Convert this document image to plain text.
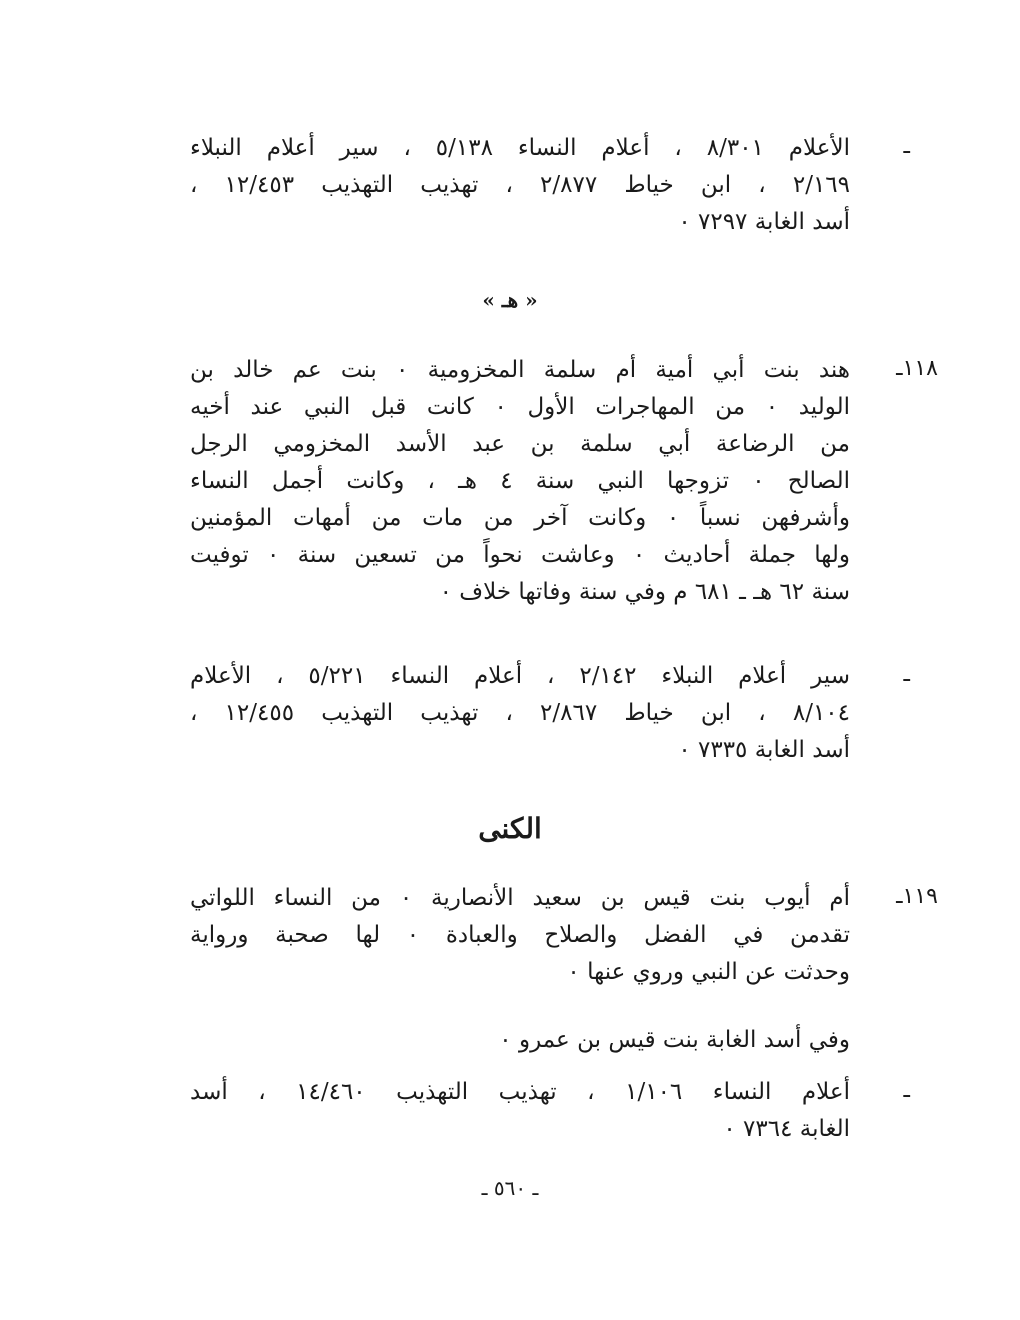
ـ
الأعلام ٨/٣٠١ ، أعلام النساء ٥/١٣٨ ، سير أعلام النبلاء
٢/١٦٩ ، ابن خياط ٢/٨٧٧ ، تهذيب التهذيب ١٢/٤٥٣ ،
أسد الغابة ٧٢٩٧ ٠
« هـ »
١١٨ـ
هند بنت أبي أمية أم سلمة المخزومية ٠ بنت عم خالد بن
الوليد ٠ من المهاجرات الأول ٠ كانت قبل النبي عند أخيه
من الرضاعة أبي سلمة بن عبد الأسد المخزومي الرجل
الصالح ٠ تزوجها النبي سنة ٤ هـ ، وكانت أجمل النساء
وأشرفهن نسباً ٠ وكانت آخر من مات من أمهات المؤمنين
ولها جملة أحاديث ٠ وعاشت نحواً من تسعين سنة ٠ توفيت
سنة ٦٢ هـ ـ ٦٨١ م وفي سنة وفاتها خلاف ٠
ـ
سير أعلام النبلاء ٢/١٤٢ ، أعلام النساء ٥/٢٢١ ، الأعلام
٨/١٠٤ ، ابن خياط ٢/٨٦٧ ، تهذيب التهذيب ١٢/٤٥٥ ،
أسد الغابة ٧٣٣٥ ٠
الكنى
١١٩ـ
أم أيوب بنت قيس بن سعيد الأنصارية ٠ من النساء اللواتي
تقدمن في الفضل والصلاح والعبادة ٠ لها صحبة ورواية
وحدثت عن النبي وروي عنها ٠
وفي أسد الغابة بنت قيس بن عمرو ٠
ـ
أعلام النساء ١/١٠٦ ، تهذيب التهذيب ١٤/٤٦٠ ، أسد
الغابة ٧٣٦٤ ٠
ـ ٥٦٠ ـ
